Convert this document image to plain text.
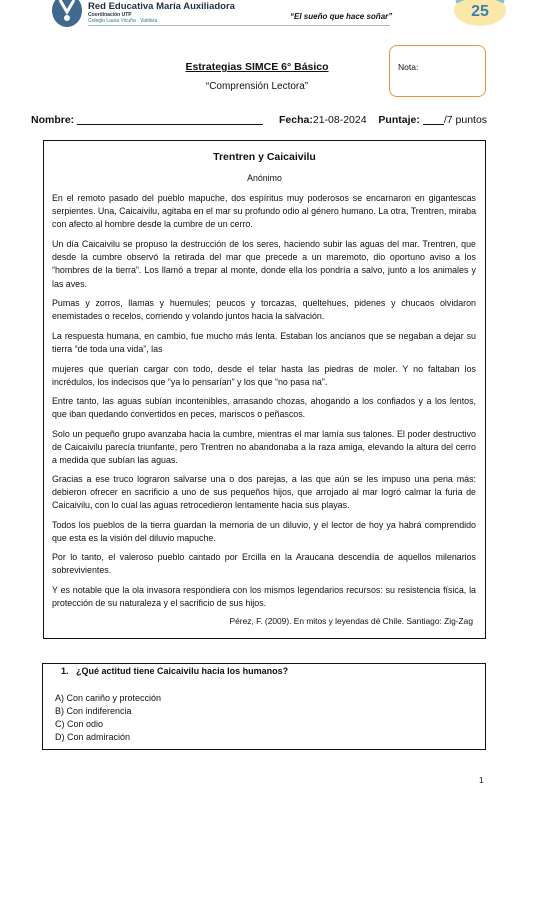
Red Educativa María Auxiliadora
Coordinación UTP
Colegio Laura Vicuña · Valdivia	“El sueño que hace soñar”	25
Estrategias SIMCE 6° Básico
“Comprensión Lectora”
Nota:
Nombre:	Fecha:21-08-2024 Puntaje: /7 puntos
Trentren y Caicaivilu
Anónimo
En el remoto pasado del pueblo mapuche, dos espíritus muy poderosos se encarnaron en gigantescas serpientes. Una, Caicaivilu, agitaba en el mar su profundo odio al género humano. La otra, Trentren, miraba con afecto al hombre desde la cumbre de un cerro.
Un día Caicaivilu se propuso la destrucción de los seres, haciendo subir las aguas del mar. Trentren, que desde la cumbre observó la retirada del mar que precede a un maremoto, dio oportuno aviso a los “hombres de la tierra”. Los llamó a trepar al monte, donde ella los pondría a salvo, junto a los animales y las aves.
Pumas y zorros, llamas y huemules; peucos y torcazas, queltehues, pidenes y chucaos olvidaron enemistades o recelos, corriendo y volando juntos hacia la salvación.
La respuesta humana, en cambio, fue mucho más lenta. Estaban los ancianos que se negaban a dejar su tierra “de toda una vida”, las
mujeres que querían cargar con todo, desde el telar hasta las piedras de moler. Y no faltaban los incrédulos, los indecisos que “ya lo pensarían” y los que “no pasa na”.
Entre tanto, las aguas subían incontenibles, arrasando chozas, ahogando a los confiados y a los lentos, que iban quedando convertidos en peces, mariscos o peñascos.
Solo un pequeño grupo avanzaba hacia la cumbre, mientras el mar lamía sus talones. El poder destructivo de Caicaivilu parecía triunfante, pero Trentren no abandonaba a la raza amiga, elevando la altura del cerro a medida que subían las aguas.
Gracias a ese truco lograron salvarse una o dos parejas, a las que aún se les impuso una pena más: debieron ofrecer en sacrificio a uno de sus pequeños hijos, que arrojado al mar logró calmar la furia de Caicaivilu, con lo cual las aguas retrocedieron lentamente hacia sus playas.
Todos los pueblos de la tierra guardan la memoria de un diluvio, y el lector de hoy ya habrá comprendido que esta es la visión del diluvio mapuche.
Por lo tanto, el valeroso pueblo cantado por Ercilla en la Araucana descendía de aquellos milenarios sobrevivientes.
Y es notable que la ola invasora respondiera con los mismos legendarios recursos: su resistencia física, la protección de su naturaleza y el sacrificio de sus hijos.
Pérez, F. (2009). En mitos y leyendas dé Chile. Santiago: Zig-Zag
1. ¿Qué actitud tiene Caicaivilu hacia los humanos?
A) Con cariño y protección
B) Con indiferencia
C) Con odio
D) Con admiración
1
